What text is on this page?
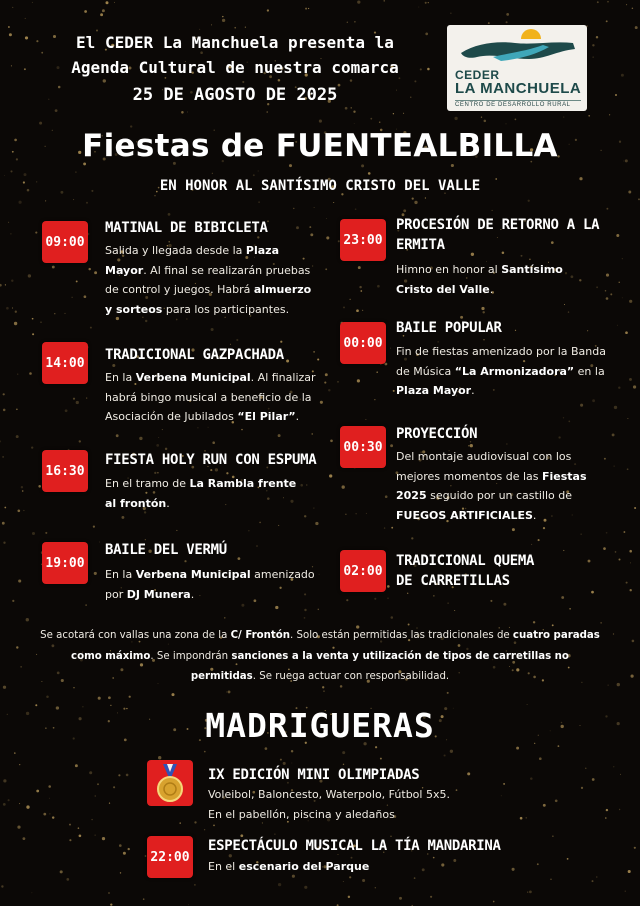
El CEDER La Manchuela presenta la
Agenda Cultural de nuestra comarca
25 DE AGOSTO DE 2025
CEDER
LA MANCHUELA
CENTRO DE DESARROLLO RURAL
Fiestas de FUENTEALBILLA
EN HONOR AL SANTÍSIMO CRISTO DEL VALLE
09:00
MATINAL DE BIBICLETA
Salida y llegada desde la Plaza Mayor. Al final se realizarán pruebas de control y juegos. Habrá almuerzo y sorteos para los participantes.
14:00 TRADICIONAL GAZPACHADA
En la Verbena Municipal. Al finalizar habrá bingo musical a beneficio de la Asociación de Jubilados “El Pilar”.
16:30
FIESTA HOLY RUN CON ESPUMA
En el tramo de La Rambla frente al frontón.
19:00
BAILE DEL VERMÚ
En la Verbena Municipal amenizado por DJ Munera.
23:00
PROCESIÓN DE RETORNO A LA ERMITA
Himno en honor al Santísimo Cristo del Valle.
00:00
BAILE POPULAR
Fin de fiestas amenizado por la Banda de Música “La Armonizadora” en la Plaza Mayor.
00:30
PROYECCIÓN
Del montaje audiovisual con los mejores momentos de las Fiestas 2025 seguido por un castillo de FUEGOS ARTIFICIALES.
02:00
TRADICIONAL QUEMA DE CARRETILLAS
Se acotará con vallas una zona de la C/ Frontón. Solo están permitidas las tradicionales de cuatro paradas como máximo. Se impondrán sanciones a la venta y utilización de tipos de carretillas no permitidas. Se ruega actuar con responsabilidad.
MADRIGUERAS
IX EDICIÓN MINI OLIMPIADAS
Voleibol, Baloncesto, Waterpolo, Fútbol 5x5.
En el pabellón, piscina y aledaños
22:00
ESPECTÁCULO MUSICAL LA TÍA MANDARINA
En el escenario del Parque
